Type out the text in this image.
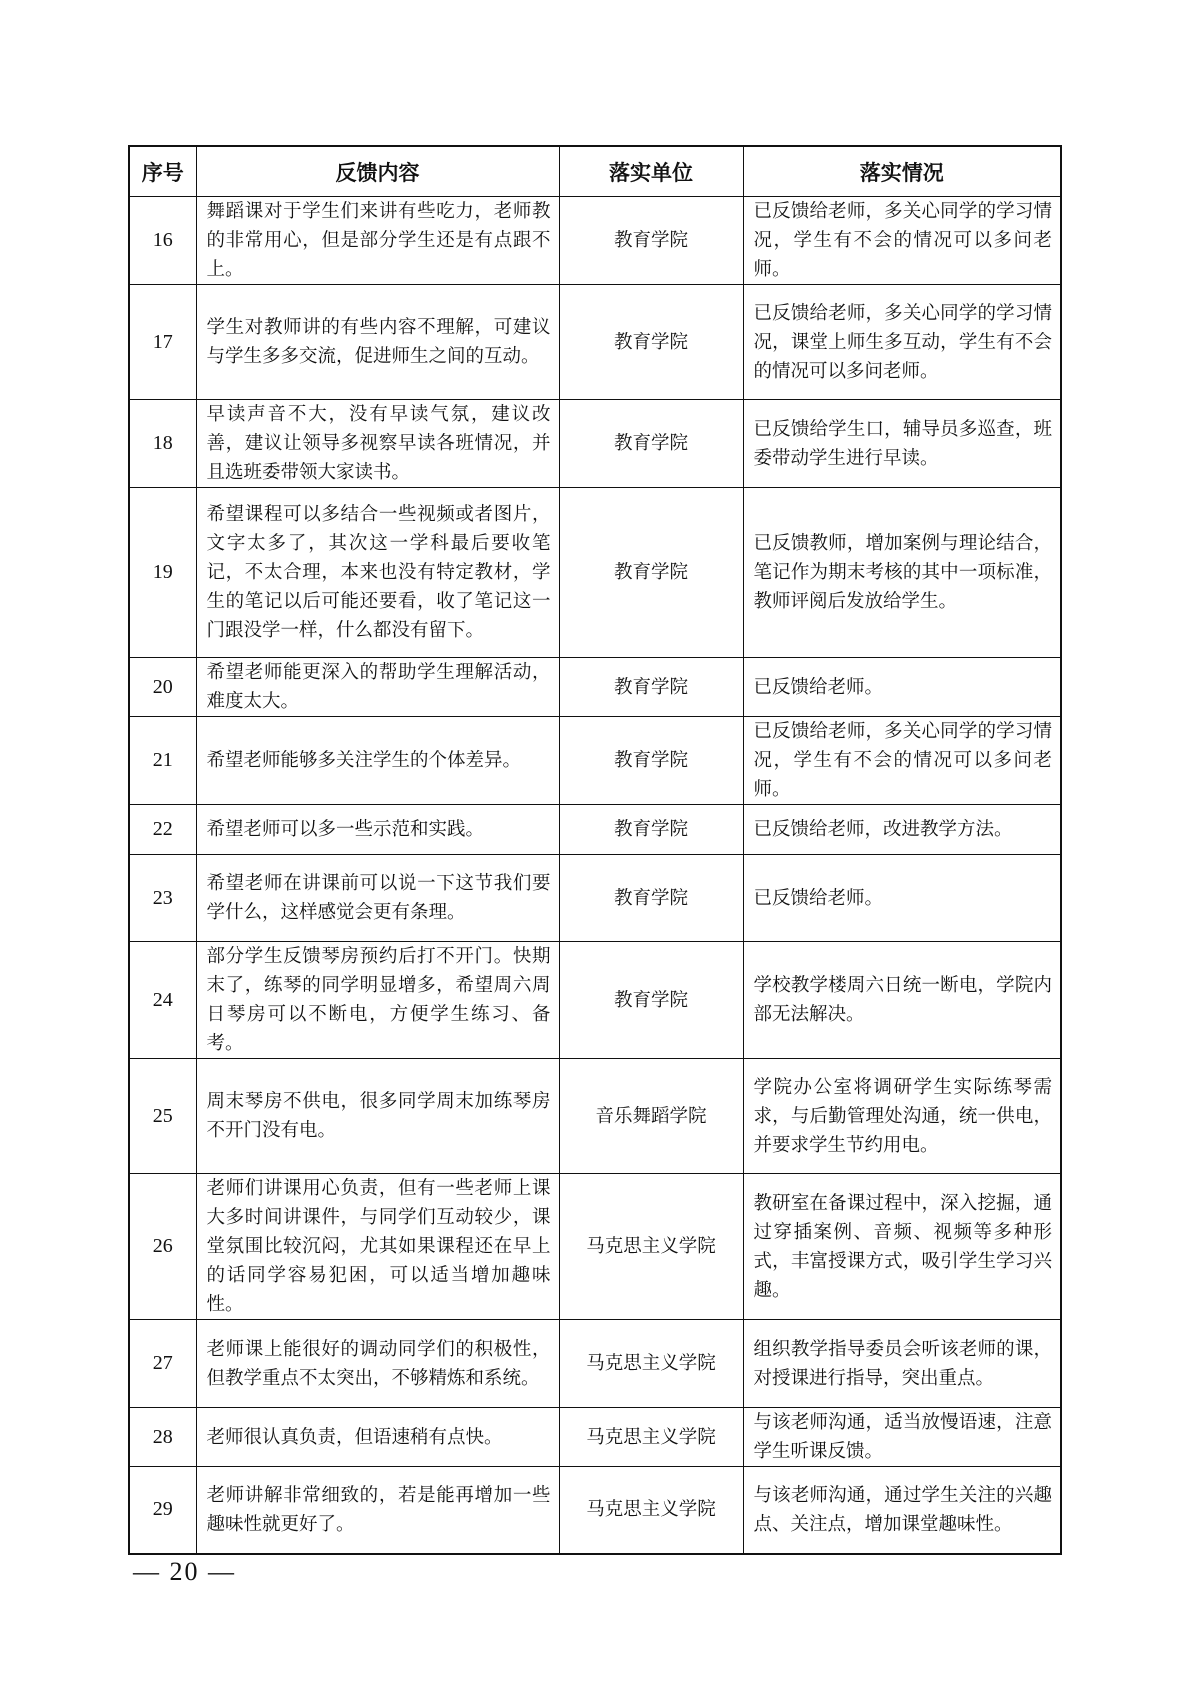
序号	反馈内容	落实单位	落实情况
16	舞蹈课对于学生们来讲有些吃力，老师教的非常用心，但是部分学生还是有点跟不上。	教育学院	已反馈给老师，多关心同学的学习情况，学生有不会的情况可以多问老师。
17	学生对教师讲的有些内容不理解，可建议与学生多多交流，促进师生之间的互动。	教育学院	已反馈给老师，多关心同学的学习情况，课堂上师生多互动，学生有不会的情况可以多问老师。
18	早读声音不大，没有早读气氛，建议改善，建议让领导多视察早读各班情况，并且选班委带领大家读书。	教育学院	已反馈给学生口，辅导员多巡查，班委带动学生进行早读。
19	希望课程可以多结合一些视频或者图片，文字太多了，其次这一学科最后要收笔记，不太合理，本来也没有特定教材，学生的笔记以后可能还要看，收了笔记这一门跟没学一样，什么都没有留下。	教育学院	已反馈教师，增加案例与理论结合，笔记作为期末考核的其中一项标准，教师评阅后发放给学生。
20	希望老师能更深入的帮助学生理解活动，难度太大。	教育学院	已反馈给老师。
21	希望老师能够多关注学生的个体差异。	教育学院	已反馈给老师，多关心同学的学习情况，学生有不会的情况可以多问老师。
22	希望老师可以多一些示范和实践。	教育学院	已反馈给老师，改进教学方法。
23	希望老师在讲课前可以说一下这节我们要学什么，这样感觉会更有条理。	教育学院	已反馈给老师。
24	部分学生反馈琴房预约后打不开门。快期末了，练琴的同学明显增多，希望周六周日琴房可以不断电，方便学生练习、备考。	教育学院	学校教学楼周六日统一断电，学院内部无法解决。
25	周末琴房不供电，很多同学周末加练琴房不开门没有电。	音乐舞蹈学院	学院办公室将调研学生实际练琴需求，与后勤管理处沟通，统一供电，并要求学生节约用电。
26	老师们讲课用心负责，但有一些老师上课大多时间讲课件，与同学们互动较少，课堂氛围比较沉闷，尤其如果课程还在早上的话同学容易犯困，可以适当增加趣味性。	马克思主义学院	教研室在备课过程中，深入挖掘，通过穿插案例、音频、视频等多种形式，丰富授课方式，吸引学生学习兴趣。
27	老师课上能很好的调动同学们的积极性，但教学重点不太突出，不够精炼和系统。	马克思主义学院	组织教学指导委员会听该老师的课，对授课进行指导，突出重点。
28	老师很认真负责，但语速稍有点快。	马克思主义学院	与该老师沟通，适当放慢语速，注意学生听课反馈。
29	老师讲解非常细致的，若是能再增加一些趣味性就更好了。	马克思主义学院	与该老师沟通，通过学生关注的兴趣点、关注点，增加课堂趣味性。
— 20 —
